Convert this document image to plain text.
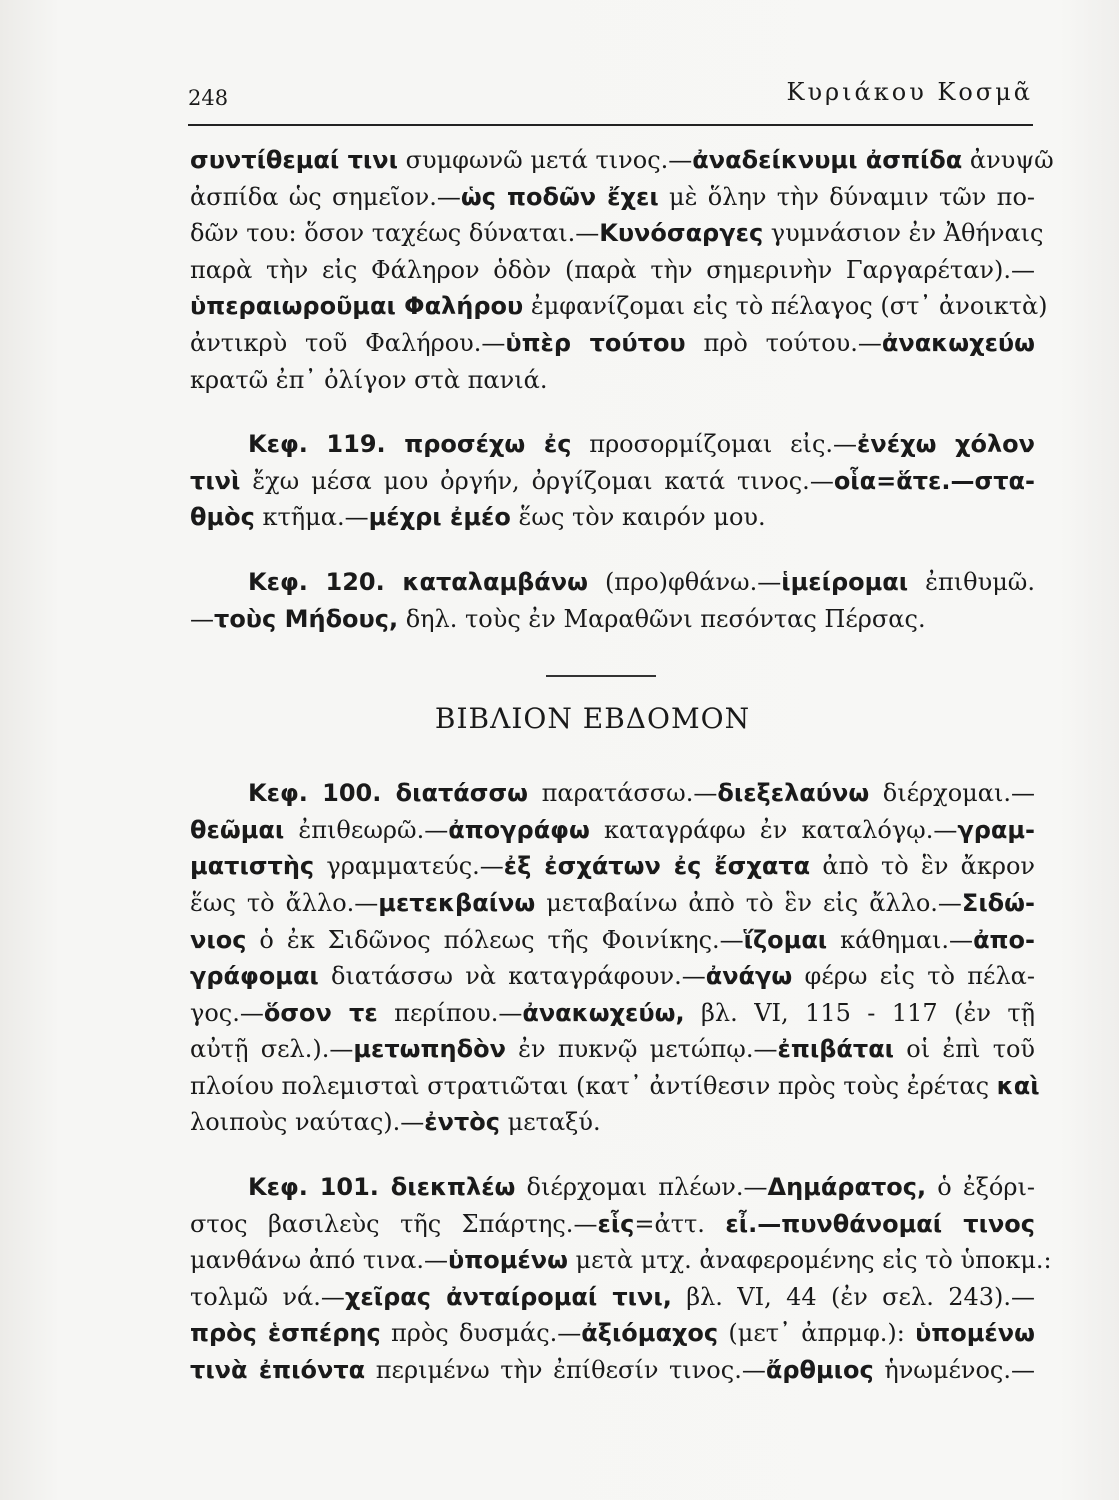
248	Κυριάκου Κοσμᾶ
συντίθεμαί τινι συμφωνῶ μετά τινος.—ἀναδείκνυμι ἀσπίδα ἀνυψῶ
ἀσπίδα ὡς σημεῖον.—ὡς ποδῶν ἔχει μὲ ὅλην τὴν δύναμιν τῶν πο-
δῶν του: ὅσον ταχέως δύναται.—Κυνόσαργες γυμνάσιον ἐν Ἀθήναις
παρὰ τὴν εἰς Φάληρον ὁδὸν (παρὰ τὴν σημερινὴν Γαργαρέταν).—
ὑπεραιωροῦμαι Φαλήρου ἐμφανίζομαι εἰς τὸ πέλαγος (στ᾽ ἀνοικτὰ)
ἀντικρὺ τοῦ Φαλήρου.—ὑπὲρ τούτου πρὸ τούτου.—ἀνακωχεύω
κρατῶ ἐπ᾽ ὀλίγον στὰ πανιά.
Κεφ. 119. προσέχω ἐς προσορμίζομαι εἰς.—ἐνέχω χόλον
τινὶ ἔχω μέσα μου ὀργήν, ὀργίζομαι κατά τινος.—οἷα=ἅτε.—στα-
θμὸς κτῆμα.—μέχρι ἐμέο ἕως τὸν καιρόν μου.
Κεφ. 120. καταλαμβάνω (προ)φθάνω.—ἱμείρομαι ἐπιθυμῶ.
—τοὺς Μήδους, δηλ. τοὺς ἐν Μαραθῶνι πεσόντας Πέρσας.
ΒΙΒΛΙΟΝ ΕΒΔΟΜΟΝ
Κεφ. 100. διατάσσω παρατάσσω.—διεξελαύνω διέρχομαι.—
θεῶμαι ἐπιθεωρῶ.—ἀπογράφω καταγράφω ἐν καταλόγῳ.—γραμ-
ματιστὴς γραμματεύς.—ἐξ ἐσχάτων ἐς ἔσχατα ἀπὸ τὸ ἓν ἄκρον
ἕως τὸ ἄλλο.—μετεκβαίνω μεταβαίνω ἀπὸ τὸ ἓν εἰς ἄλλο.—Σιδώ-
νιος ὁ ἐκ Σιδῶνος πόλεως τῆς Φοινίκης.—ἵζομαι κάθημαι.—ἀπο-
γράφομαι διατάσσω νὰ καταγράφουν.—ἀνάγω φέρω εἰς τὸ πέλα-
γος.—ὅσον τε περίπου.—ἀνακωχεύω, βλ. VI, 115 - 117 (ἐν τῇ
αὐτῇ σελ.).—μετωπηδὸν ἐν πυκνῷ μετώπῳ.—ἐπιβάται οἱ ἐπὶ τοῦ
πλοίου πολεμισταὶ στρατιῶται (κατ᾽ ἀντίθεσιν πρὸς τοὺς ἐρέτας καὶ
λοιποὺς ναύτας).—ἐντὸς μεταξύ.
Κεφ. 101. διεκπλέω διέρχομαι πλέων.—Δημάρατος, ὁ ἐξόρι-
στος βασιλεὺς τῆς Σπάρτης.—εἷς=ἀττ. εἶ.—πυνθάνομαί τινος
μανθάνω ἀπό τινα.—ὑπομένω μετὰ μτχ. ἀναφερομένης εἰς τὸ ὑποκμ.:
τολμῶ νά.—χεῖρας ἀνταίρομαί τινι, βλ. VI, 44 (ἐν σελ. 243).—
πρὸς ἑσπέρης πρὸς δυσμάς.—ἀξιόμαχος (μετ᾽ ἀπρμφ.): ὑπομένω
τινὰ ἐπιόντα περιμένω τὴν ἐπίθεσίν τινος.—ἄρθμιος ἡνωμένος.—
